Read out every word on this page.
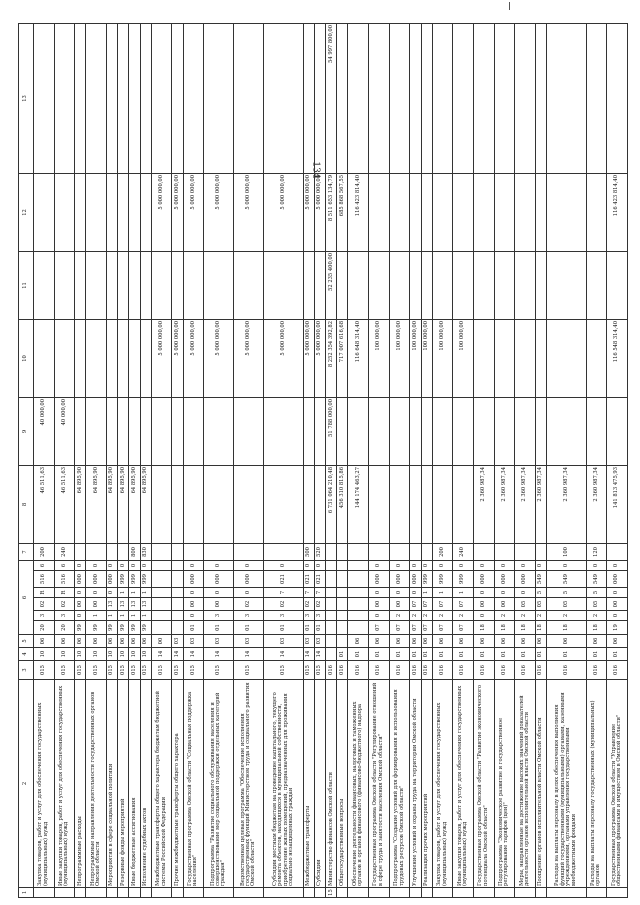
134
1	2	3	4	5	6						7	8	9	10	11	12	13
	Закупка товаров, работ и услуг для обеспечения государственных (муниципальных) нужд	015	10	06	20	3	02	R	516	6	200	46 511,63	40 000,00				
	Иные закупки товаров, работ и услуг для обеспечения государственных (муниципальных) нужд	015	10	06	20	3	02	R	516	6	240	46 511,63	40 000,00				
	Непрограммные расходы	015	10	06	99	0	00	0	000	0		64 895,90					
	Непрограммные направления деятельности государственных органов Омской области	015	10	06	99	1	00	0	000	0		64 895,90					
	Мероприятия в сфере социальной политики	015	10	06	99	1	13	0	000	0		64 895,90					
	Резервные фонды мероприятий	015	10	06	99	1	13	1	999	0		64 895,90					
	Иные бюджетные ассигнования	015	10	06	99	1	13	1	999	0	800	64 895,90					
	Исполнение судебных актов	015	10	06	99	1	13	1	999	0	830	64 895,90					
	Межбюджетные трансферты общего характера бюджетам бюджетной системы Российской Федерации	015	14	00										5 000 000,00		5 000 000,00	
	Прочие межбюджетные трансферты общего характера	015	14	03										5 000 000,00		5 000 000,00	
	Государственная программа Омской области "Социальная поддержка населения"	015	14	03	01	0	00	0	000	0				5 000 000,00		5 000 000,00	
	Подпрограмма "Развитие социального обслуживания населения и совершенствование мер социальной поддержки отдельных категорий граждан"	015	14	03	01	3	00	0	000	0				5 000 000,00		5 000 000,00	
	Ведомственная целевая программа "Обеспечение исполнения государственных функций Министерством труда и социального развития Омской области"	015	14	03	01	3	02	0	000	0				5 000 000,00		5 000 000,00	
	Субсидии местным бюджетам на проведение капитального, текущего ремонта объектов, находящихся в муниципальной собственности, приобретение жилых помещений, предназначенных для проживания социально незащищенных граждан	015	14	03	01	3	02	7	021	0				5 000 000,00		5 000 000,00	
	Межбюджетные трансферты	015	14	03	01	3	02	7	021	0	500			5 000 000,00		5 000 000,00	
	Субсидии	015	14	03	01	3	02	7	021	0	520			5 000 000,00		5 000 000,00	
15	Министерство финансов Омской области	016										6 731 064 210,48	51 788 000,00	8 252 354 392,82	52 235 400,00	8 511 653 134,79	54 997 800,00
	Общегосударственные вопросы	016	01									456 310 815,86		717 007 616,68		685 868 567,55	
	Обеспечение деятельности финансовых, налоговых и таможенных органов и органов финансового (финансово-бюджетного) надзора	016	01	06								144 174 463,27		116 648 314,40		116 423 814,40	
	Государственная программа Омской области "Регулирование отношений в сфере труда и занятости населения Омской области"	016	01	06	07	0	00	0	000	0				100 000,00			
	Подпрограмма "Создание условий для формирования и использования трудовых ресурсов Омской области"	016	01	06	07	2	00	0	000	0				100 000,00			
	Улучшение условий и охраны труда на территории Омской области	016	01	06	07	2	07	0	000	0				100 000,00			
	Реализация прочих мероприятий	016	01	06	07	2	07	1	999	0				100 000,00			
	Закупка товаров, работ и услуг для обеспечения государственных (муниципальных) нужд	016	01	06	07	2	07	1	999	0	200			100 000,00			
	Иные закупки товаров, работ и услуг для обеспечения государственных (муниципальных) нужд	016	01	06	07	2	07	1	999	0	240			100 000,00			
	Государственная программа Омской области "Развитие экономического потенциала Омской области"	016	01	06	18	0	00	0	000	0		2 360 987,34					
	Подпрограмма "Экономическое развитие и государственное регулирование тарифов (цен)"	016	01	06	18	2	00	0	000	0		2 360 987,34					
	Меры, направленные на достижение высоких значений показателей деятельности органов исполнительной власти Омской области	016	01	06	18	2	05	0	000	0		2 360 987,34					
	Поощрение органов исполнительной власти Омской области	016	01	06	18	2	05	5	549	0		2 360 987,34					
	Расходы на выплаты персоналу в целях обеспечения выполнения функций государственными (муниципальными) органами, казенными учреждениями, органами управления государственными внебюджетными фондами	016	01	06	18	2	05	5	549	0	100	2 360 987,34					
	Расходы на выплаты персоналу государственных (муниципальных) органов	016	01	06	18	2	05	5	549	0	120	2 360 987,34					
	Государственная программа Омской области "Управление общественными финансами и имуществом в Омской области"	016	01	06	19	0	00	0	000	0		141 813 475,93		116 548 314,40		116 423 814,40	
